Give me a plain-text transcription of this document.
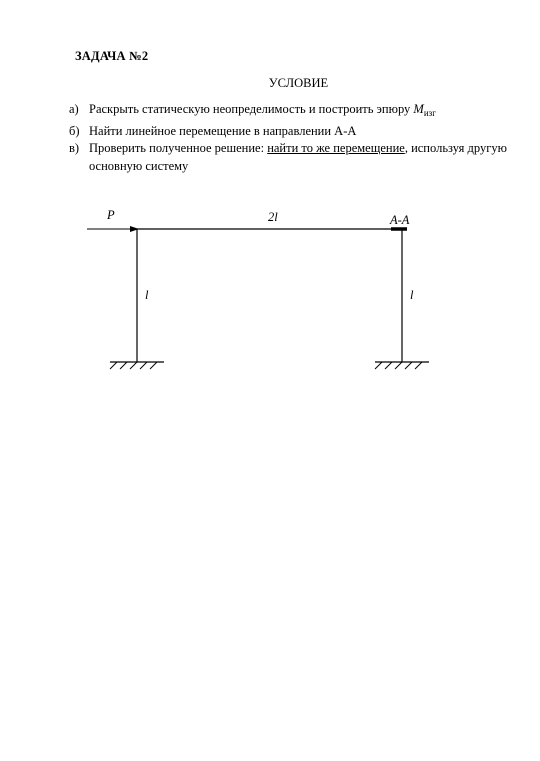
ЗАДАЧА №2
УСЛОВИЕ
а) Раскрыть статическую неопределимость и построить эпюру $M_{изг}$
б) Найти линейное перемещение в направлении А-А
в) Проверить полученное решение: найти то же перемещение, используя другую основную систему
P	2l	А-А
l	l
